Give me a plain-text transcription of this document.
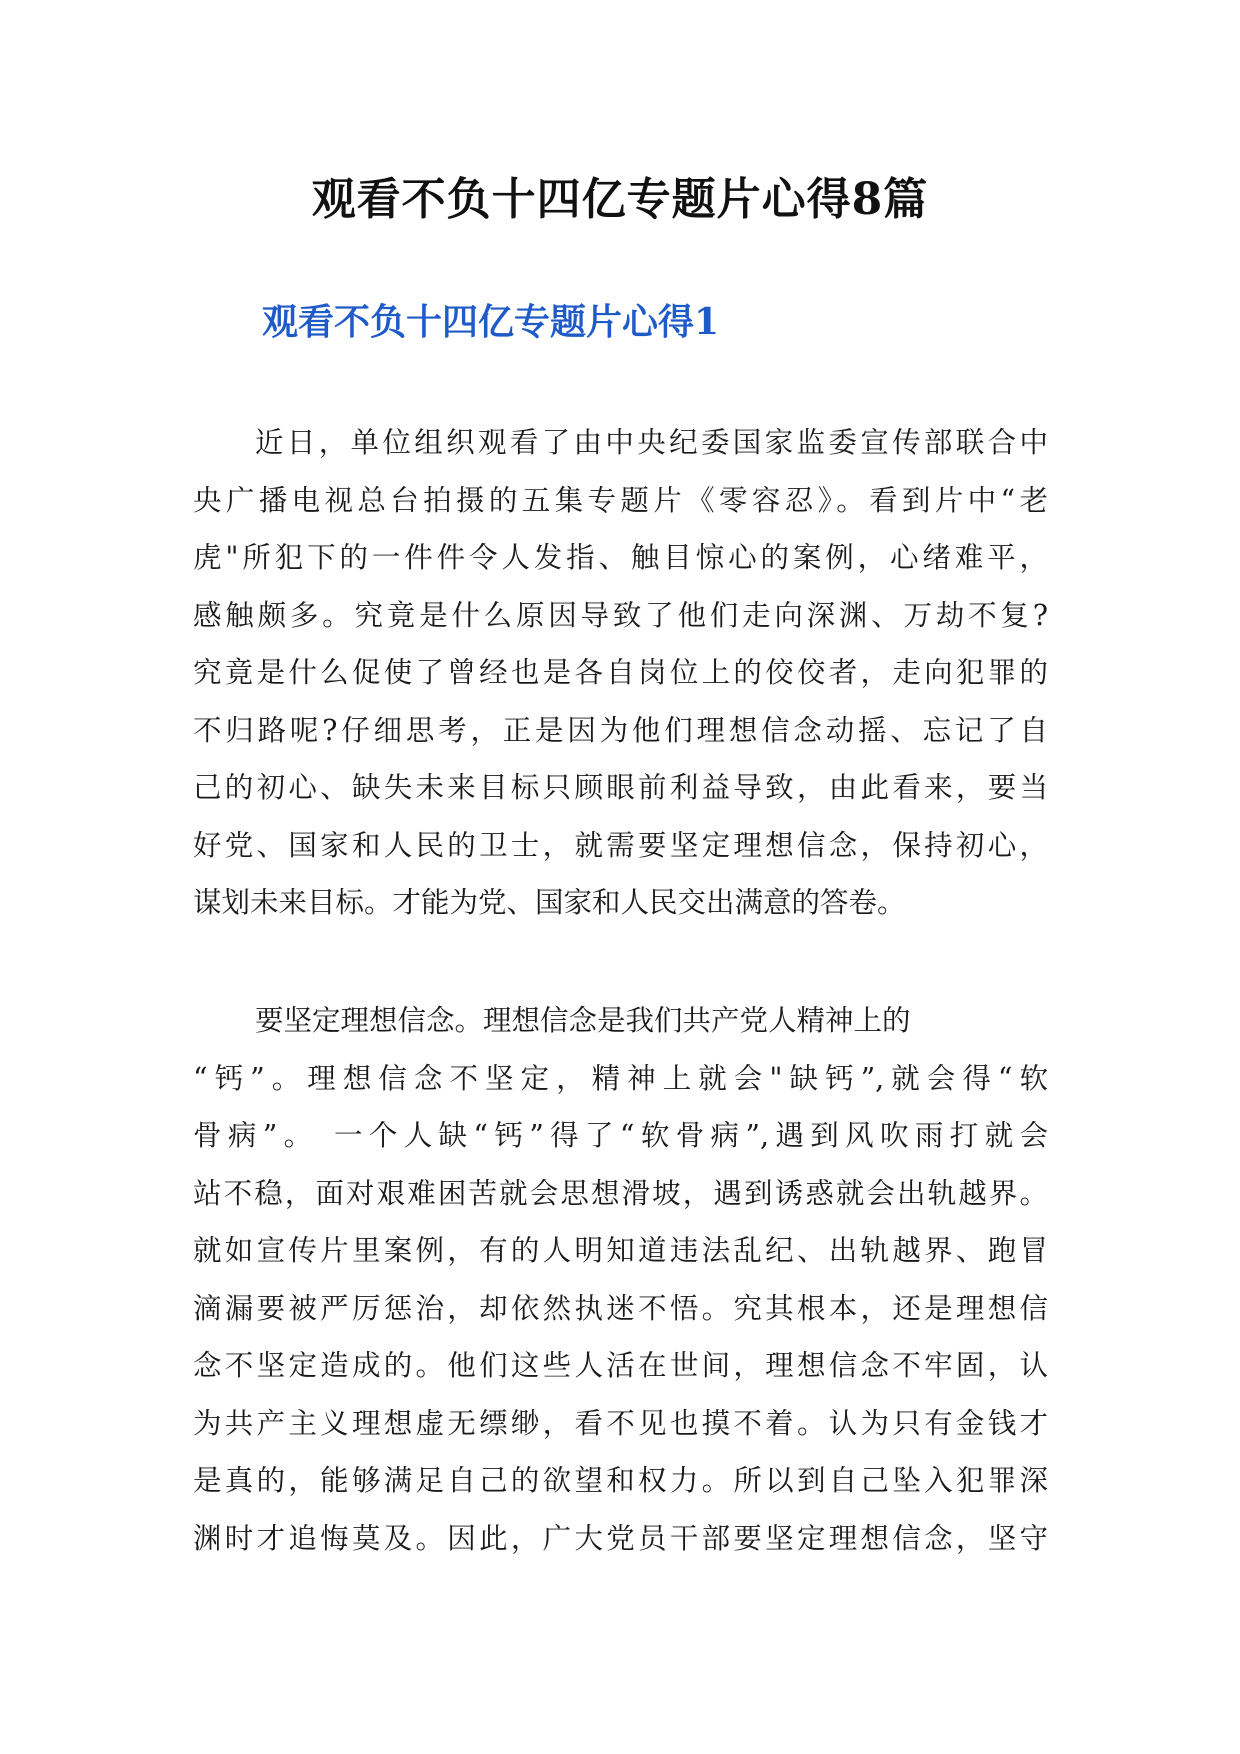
观看不负十四亿专题片心得8篇
观看不负十四亿专题片心得1
近日，单位组织观看了由中央纪委国家监委宣传部联合中
央广播电视总台拍摄的五集专题片《零容忍》。看到片中“老
虎"所犯下的一件件令人发指、触目惊心的案例，心绪难平，
感触颇多。究竟是什么原因导致了他们走向深渊、万劫不复?
究竟是什么促使了曾经也是各自岗位上的佼佼者，走向犯罪的
不归路呢?仔细思考，正是因为他们理想信念动摇、忘记了自
己的初心、缺失未来目标只顾眼前利益导致，由此看来，要当
好党、国家和人民的卫士，就需要坚定理想信念，保持初心，
谋划未来目标。才能为党、国家和人民交出满意的答卷。
要坚定理想信念。理想信念是我们共产党人精神上的
“钙”。理想信念不坚定，精神上就会"缺钙”,就会得“软
骨病”。 一个人缺“钙”得了“软骨病”,遇到风吹雨打就会
站不稳，面对艰难困苦就会思想滑坡，遇到诱惑就会出轨越界。
就如宣传片里案例，有的人明知道违法乱纪、出轨越界、跑冒
滴漏要被严厉惩治，却依然执迷不悟。究其根本，还是理想信
念不坚定造成的。他们这些人活在世间，理想信念不牢固，认
为共产主义理想虚无缥缈，看不见也摸不着。认为只有金钱才
是真的，能够满足自己的欲望和权力。所以到自己坠入犯罪深
渊时才追悔莫及。因此，广大党员干部要坚定理想信念，坚守
